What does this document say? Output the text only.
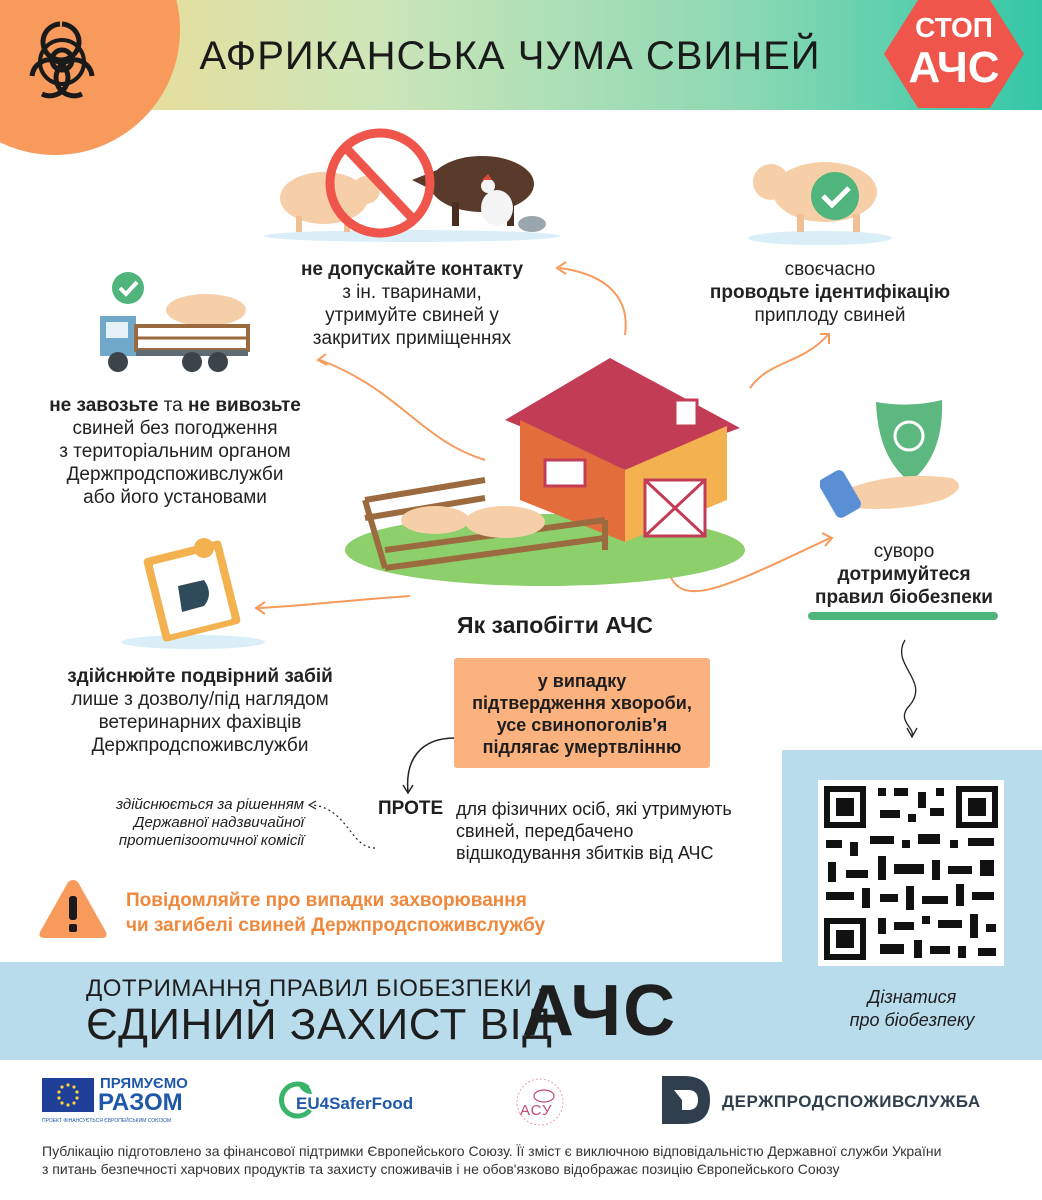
АФРИКАНСЬКА ЧУМА СВИНЕЙ
СТОП
АЧС
не допускайте контакту
з ін. тваринами,
утримуйте свиней у
закритих приміщеннях
своєчасно
проводьте ідентифікацію
приплоду свиней
не завозьте та не вивозьте
свиней без погодження
з територіальним органом
Держпродспоживслужби
або його установами
суворо
дотримуйтеся
правил біобезпеки
здійснюйте подвірний забій
лише з дозволу/під наглядом
ветеринарних фахівців
Держпродспоживслужби
Як запобігти АЧС
у випадку
підтвердження хвороби,
усе свинопоголів'я
підлягає умертвлінню
ПРОТЕ для фізичних осіб, які утримують
свиней, передбачено
відшкодування збитків від АЧС
здійснюється за рішенням
Державної надзвичайної
протиепізоотичної комісії
Повідомляйте про випадки захворювання
чи загибелі свиней Держпродспоживслужбу
Дізнатися
про біобезпеку
ДОТРИМАННЯ ПРАВИЛ БІОБЕЗПЕКИ –
ЄДИНИЙ ЗАХИСТ ВІД
АЧС
ПРЯМУЄМО
РАЗОМ
ПРОЕКТ ФІНАНСУЄТЬСЯ ЄВРОПЕЙСЬКИМ СОЮЗОМ
EU4SaferFood	АСУ	ДЕРЖПРОДСПОЖИВСЛУЖБА
Публікацію підготовлено за фінансової підтримки Європейського Союзу. Її зміст є виключною відповідальністю Державної служби України
з питань безпечності харчових продуктів та захисту споживачів і не обов'язково відображає позицію Європейського Союзу
